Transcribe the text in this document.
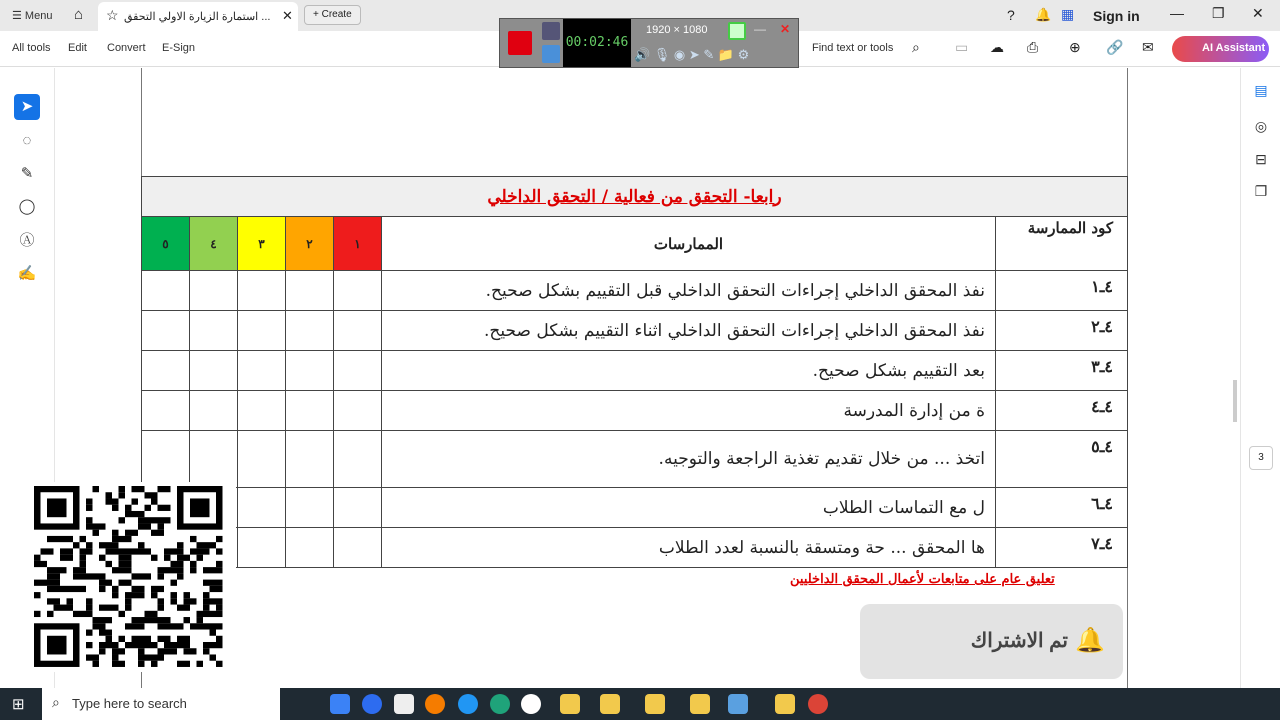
☰ Menu ⌂ ☆ استمارة الزيارة الاولي التحقق ... ✕	+ Create	? 🔔 ▦ Sign in — ❐ ✕
All tools Edit Convert E-Sign	Find text or tools ⌕	▭ ☁ ⎙ ⊕ 🔗 ✉	AI Assistant
00:02:46
1920 × 1080	— ✕
🔊 🎙 ◉ ➤ ✎ 📁 ⚙
➤
◌
✎
◯
Ⓐ
✍
▤
◎
⊟
❐
3
رابعا- التحقق من فعالية / التحقق الداخلي						
٥	٤	٣	٢	١	الممارسات	كود الممارسة
					نفذ المحقق الداخلي إجراءات التحقق الداخلي قبل التقييم بشكل صحيح.	٤ـ١
					نفذ المحقق الداخلي إجراءات التحقق الداخلي اثناء التقييم بشكل صحيح.	٤ـ٢
					بعد التقييم بشكل صحيح.	٤ـ٣
					ة من إدارة المدرسة	٤ـ٤
					اتخذ ... من خلال تقديم تغذية الراجعة والتوجيه.	٤ـ٥
					ل مع التماسات الطلاب	٤ـ٦
					ها المحقق ... حة ومتسقة بالنسبة لعدد الطلاب	٤ـ٧
تعليق عام على متابعات لأعمال المحقق الداخليين
تم الاشتراك 🔔
⊞ ⌕ Type here to search
